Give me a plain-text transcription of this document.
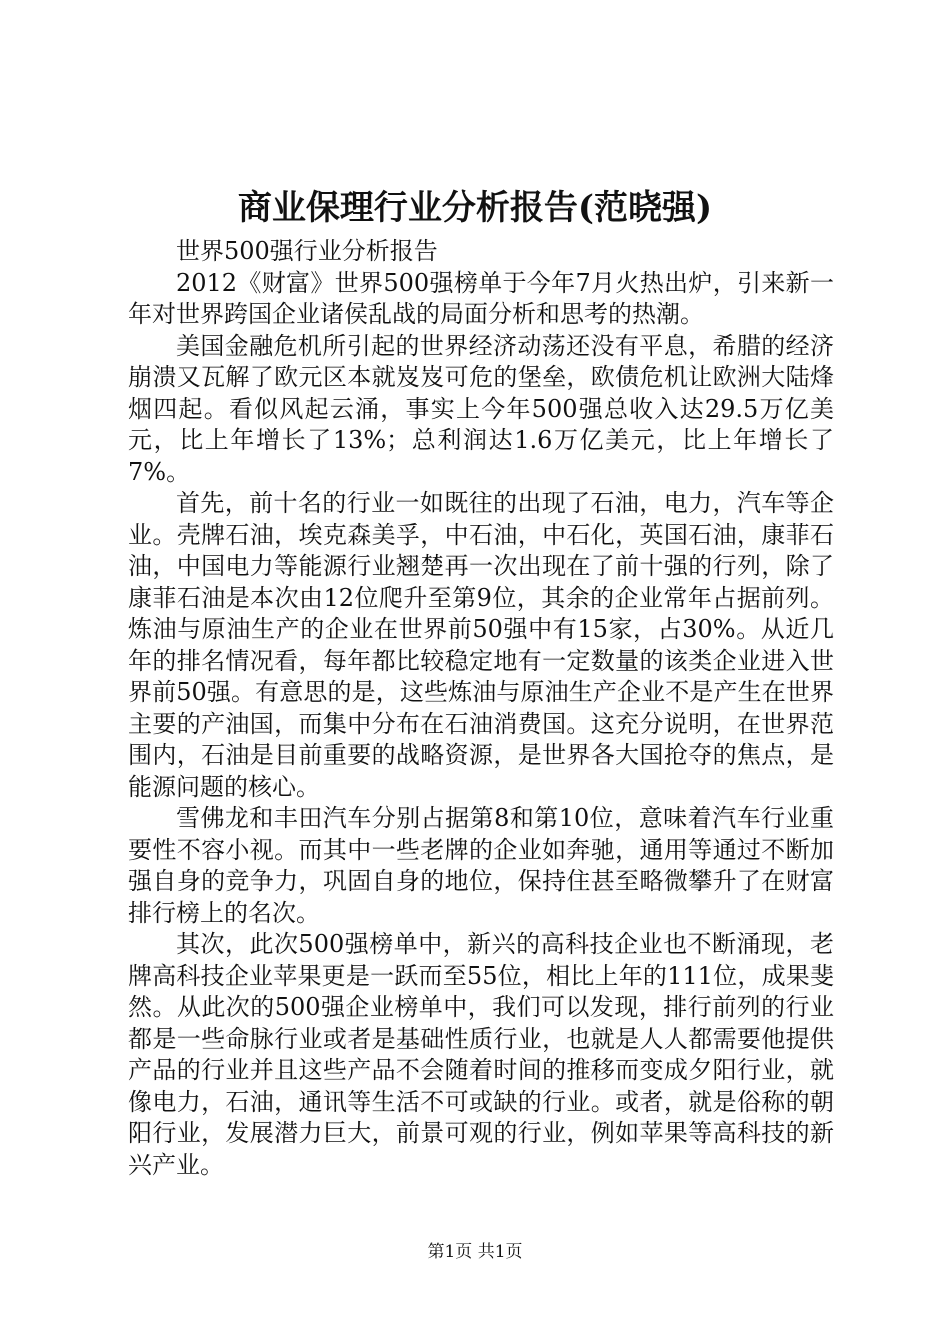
商业保理行业分析报告(范晓强)

世界500强行业分析报告

2012《财富》世界500强榜单于今年7月火热出炉，引来新一年对世界跨国企业诸侯乱战的局面分析和思考的热潮。

美国金融危机所引起的世界经济动荡还没有平息，希腊的经济崩溃又瓦解了欧元区本就岌岌可危的堡垒，欧债危机让欧洲大陆烽烟四起。看似风起云涌，事实上今年500强总收入达29.5万亿美元，比上年增长了13%；总利润达1.6万亿美元，比上年增长了7%。

首先，前十名的行业一如既往的出现了石油，电力，汽车等企业。壳牌石油，埃克森美孚，中石油，中石化，英国石油，康菲石油，中国电力等能源行业翘楚再一次出现在了前十强的行列，除了康菲石油是本次由12位爬升至第9位，其余的企业常年占据前列。炼油与原油生产的企业在世界前50强中有15家，占30%。从近几年的排名情况看，每年都比较稳定地有一定数量的该类企业进入世界前50强。有意思的是，这些炼油与原油生产企业不是产生在世界主要的产油国，而集中分布在石油消费国。这充分说明，在世界范围内，石油是目前重要的战略资源，是世界各大国抢夺的焦点，是能源问题的核心。

雪佛龙和丰田汽车分别占据第8和第10位，意味着汽车行业重要性不容小视。而其中一些老牌的企业如奔驰，通用等通过不断加强自身的竞争力，巩固自身的地位，保持住甚至略微攀升了在财富排行榜上的名次。

其次，此次500强榜单中，新兴的高科技企业也不断涌现，老牌高科技企业苹果更是一跃而至55位，相比上年的111位，成果斐然。从此次的500强企业榜单中，我们可以发现，排行前列的行业都是一些命脉行业或者是基础性质行业，也就是人人都需要他提供产品的行业并且这些产品不会随着时间的推移而变成夕阳行业，就像电力，石油，通讯等生活不可或缺的行业。或者，就是俗称的朝阳行业，发展潜力巨大，前景可观的行业，例如苹果等高科技的新兴产业。

第1页 共1页
